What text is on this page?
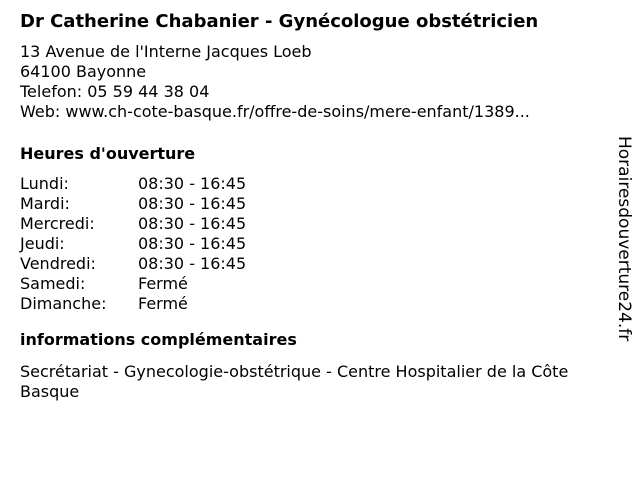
Dr Catherine Chabanier - Gynécologue obstétricien
13 Avenue de l'Interne Jacques Loeb
64100 Bayonne
Telefon: 05 59 44 38 04
Web: www.ch-cote-basque.fr/offre-de-soins/mere-enfant/1389...
Heures d'ouverture
Lundi:	08:30 - 16:45
Mardi:	08:30 - 16:45
Mercredi:	08:30 - 16:45
Jeudi:	08:30 - 16:45
Vendredi:	08:30 - 16:45
Samedi:	Fermé
Dimanche:	Fermé
informations complémentaires
Secrétariat - Gynecologie-obstétrique - Centre Hospitalier de la Côte Basque
Horairesdouverture24.fr
